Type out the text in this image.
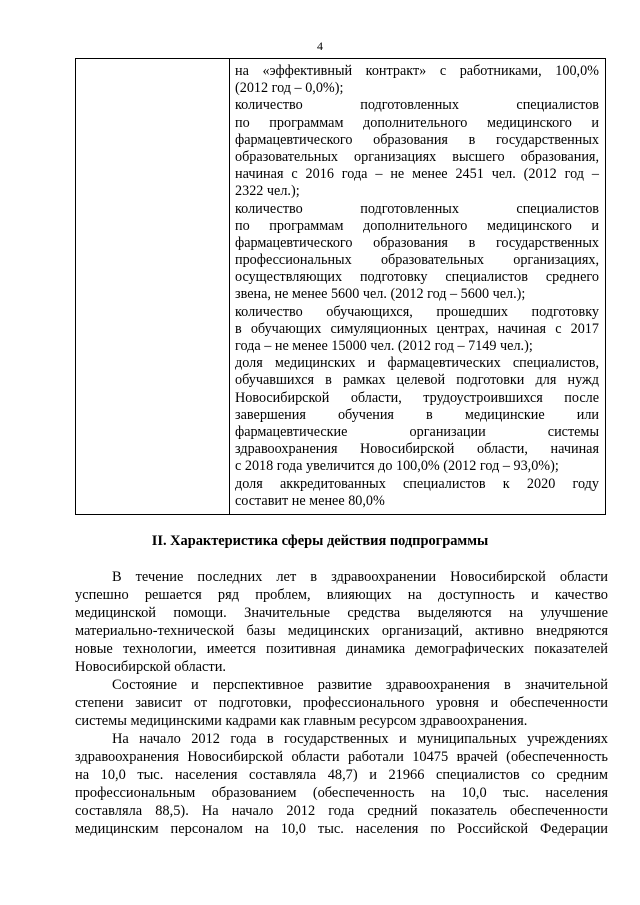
4
на «эффективный контракт» с работниками, 100,0%
(2012 год – 0,0%);
количество подготовленных специалистов
по программам дополнительного медицинского и
фармацевтического образования в государственных
образовательных организациях высшего образования,
начиная с 2016 года – не менее 2451 чел. (2012 год –
2322 чел.);
количество подготовленных специалистов
по программам дополнительного медицинского и
фармацевтического образования в государственных
профессиональных образовательных организациях,
осуществляющих подготовку специалистов среднего
звена, не менее 5600 чел. (2012 год – 5600 чел.);
количество обучающихся, прошедших подготовку
в обучающих симуляционных центрах, начиная с 2017
года – не менее 15000 чел. (2012 год – 7149 чел.);
доля медицинских и фармацевтических специалистов,
обучавшихся в рамках целевой подготовки для нужд
Новосибирской области, трудоустроившихся после
завершения обучения в медицинские или
фармацевтические организации системы
здравоохранения Новосибирской области, начиная
с 2018 года увеличится до 100,0% (2012 год – 93,0%);
доля аккредитованных специалистов к 2020 году
составит не менее 80,0%
II. Характеристика сферы действия подпрограммы
В течение последних лет в здравоохранении Новосибирской области
успешно решается ряд проблем, влияющих на доступность и качество
медицинской помощи. Значительные средства выделяются на улучшение
материально-технической базы медицинских организаций, активно внедряются
новые технологии, имеется позитивная динамика демографических показателей
Новосибирской области.
Состояние и перспективное развитие здравоохранения в значительной
степени зависит от подготовки, профессионального уровня и обеспеченности
системы медицинскими кадрами как главным ресурсом здравоохранения.
На начало 2012 года в государственных и муниципальных учреждениях
здравоохранения Новосибирской области работали 10475 врачей (обеспеченность
на 10,0 тыс. населения составляла 48,7) и 21966 специалистов со средним
профессиональным образованием (обеспеченность на 10,0 тыс. населения
составляла 88,5). На начало 2012 года средний показатель обеспеченности
медицинским персоналом на 10,0 тыс. населения по Российской Федерации
